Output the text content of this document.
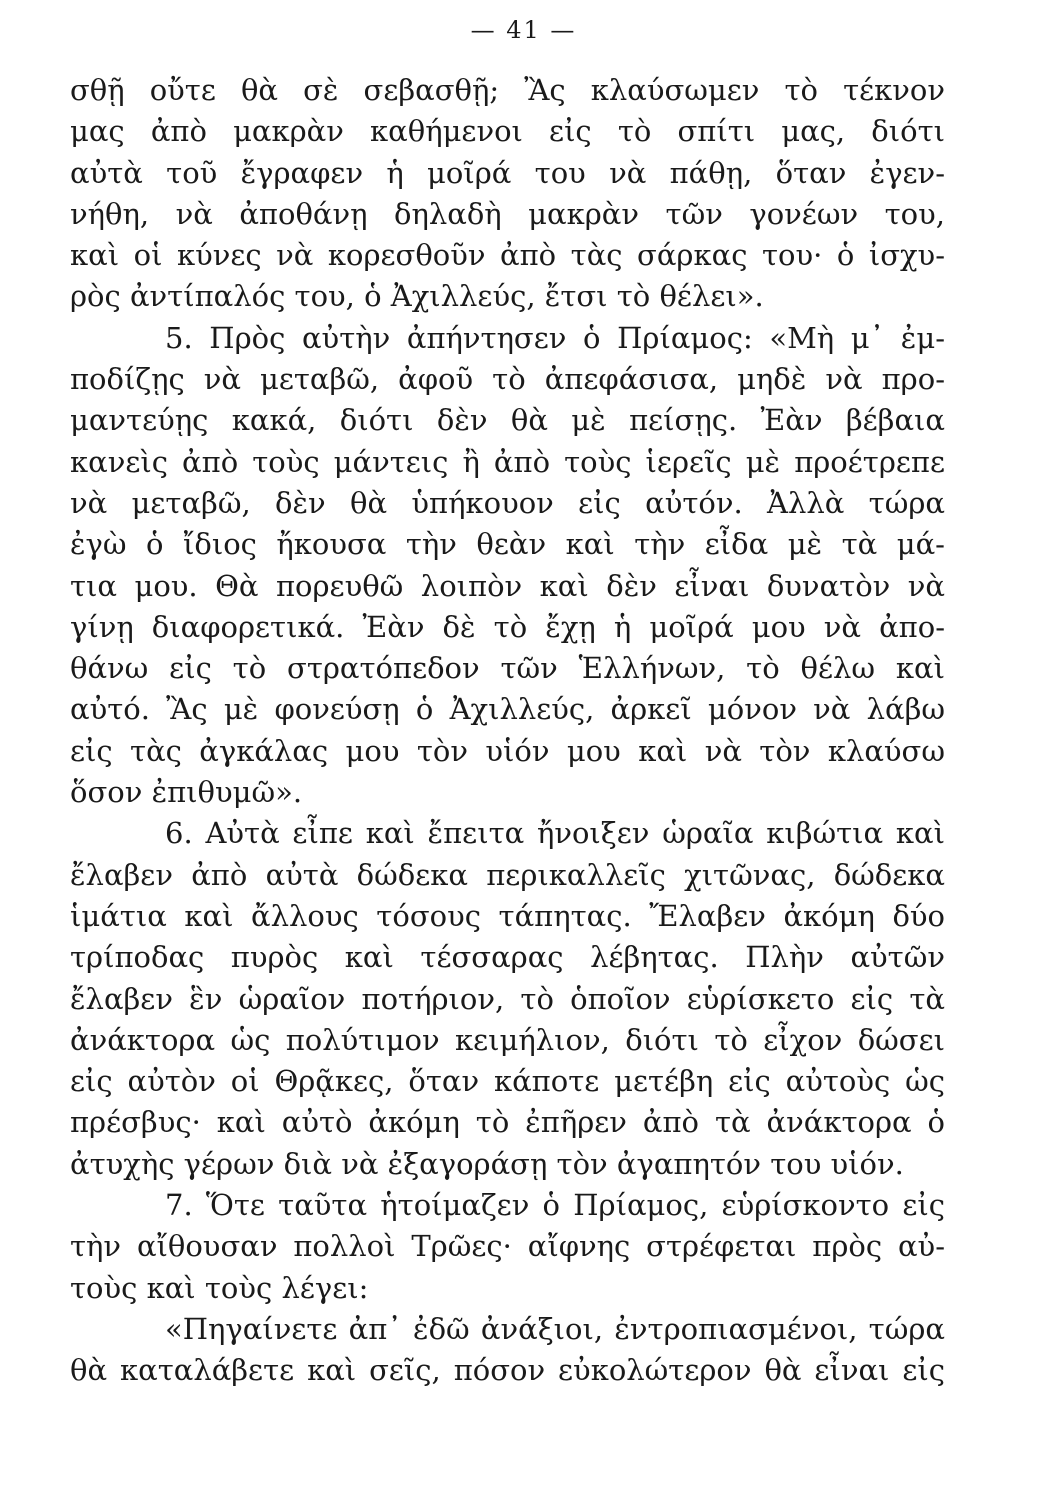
— 41 —
σθῇ οὔτε θὰ σὲ σεβασθῇ; Ἂς κλαύσωμεν τὸ τέκνον
μας ἀπὸ μακρὰν καθήμενοι εἰς τὸ σπίτι μας, διότι
αὐτὰ τοῦ ἔγραφεν ἡ μοῖρά του νὰ πάθῃ, ὅταν ἐγεν-
νήθη, νὰ ἀποθάνῃ δηλαδὴ μακρὰν τῶν γονέων του,
καὶ οἱ κύνες νὰ κορεσθοῦν ἀπὸ τὰς σάρκας του· ὁ ἰσχυ-
ρὸς ἀντίπαλός του, ὁ Ἀχιλλεύς, ἔτσι τὸ θέλει».
5. Πρὸς αὐτὴν ἀπήντησεν ὁ Πρίαμος: «Μὴ μ᾽ ἐμ-
ποδίζῃς νὰ μεταβῶ, ἀφοῦ τὸ ἀπεφάσισα, μηδὲ νὰ προ-
μαντεύῃς κακά, διότι δὲν θὰ μὲ πείσῃς. Ἐὰν βέβαια
κανεὶς ἀπὸ τοὺς μάντεις ἢ ἀπὸ τοὺς ἱερεῖς μὲ προέτρεπε
νὰ μεταβῶ, δὲν θὰ ὑπήκουον εἰς αὐτόν. Ἀλλὰ τώρα
ἐγὼ ὁ ἴδιος ἤκουσα τὴν θεὰν καὶ τὴν εἶδα μὲ τὰ μά-
τια μου. Θὰ πορευθῶ λοιπὸν καὶ δὲν εἶναι δυνατὸν νὰ
γίνῃ διαφορετικά. Ἐὰν δὲ τὸ ἔχῃ ἡ μοῖρά μου νὰ ἀπο-
θάνω εἰς τὸ στρατόπεδον τῶν Ἑλλήνων, τὸ θέλω καὶ
αὐτό. Ἂς μὲ φονεύσῃ ὁ Ἀχιλλεύς, ἀρκεῖ μόνον νὰ λάβω
εἰς τὰς ἀγκάλας μου τὸν υἱόν μου καὶ νὰ τὸν κλαύσω
ὅσον ἐπιθυμῶ».
6. Αὐτὰ εἶπε καὶ ἔπειτα ἤνοιξεν ὡραῖα κιβώτια καὶ
ἔλαβεν ἀπὸ αὐτὰ δώδεκα περικαλλεῖς χιτῶνας, δώδεκα
ἱμάτια καὶ ἄλλους τόσους τάπητας. Ἔλαβεν ἀκόμη δύο
τρίποδας πυρὸς καὶ τέσσαρας λέβητας. Πλὴν αὐτῶν
ἔλαβεν ἓν ὡραῖον ποτήριον, τὸ ὁποῖον εὑρίσκετο εἰς τὰ
ἀνάκτορα ὡς πολύτιμον κειμήλιον, διότι τὸ εἶχον δώσει
εἰς αὐτὸν οἱ Θρᾷκες, ὅταν κάποτε μετέβη εἰς αὐτοὺς ὡς
πρέσβυς· καὶ αὐτὸ ἀκόμη τὸ ἐπῆρεν ἀπὸ τὰ ἀνάκτορα ὁ
ἀτυχὴς γέρων διὰ νὰ ἐξαγοράσῃ τὸν ἀγαπητόν του υἱόν.
7. Ὅτε ταῦτα ἡτοίμαζεν ὁ Πρίαμος, εὑρίσκοντο εἰς
τὴν αἴθουσαν πολλοὶ Τρῶες· αἴφνης στρέφεται πρὸς αὐ-
τοὺς καὶ τοὺς λέγει:
«Πηγαίνετε ἀπ᾽ ἐδῶ ἀνάξιοι, ἐντροπιασμένοι, τώρα
θὰ καταλάβετε καὶ σεῖς, πόσον εὐκολώτερον θὰ εἶναι εἰς
